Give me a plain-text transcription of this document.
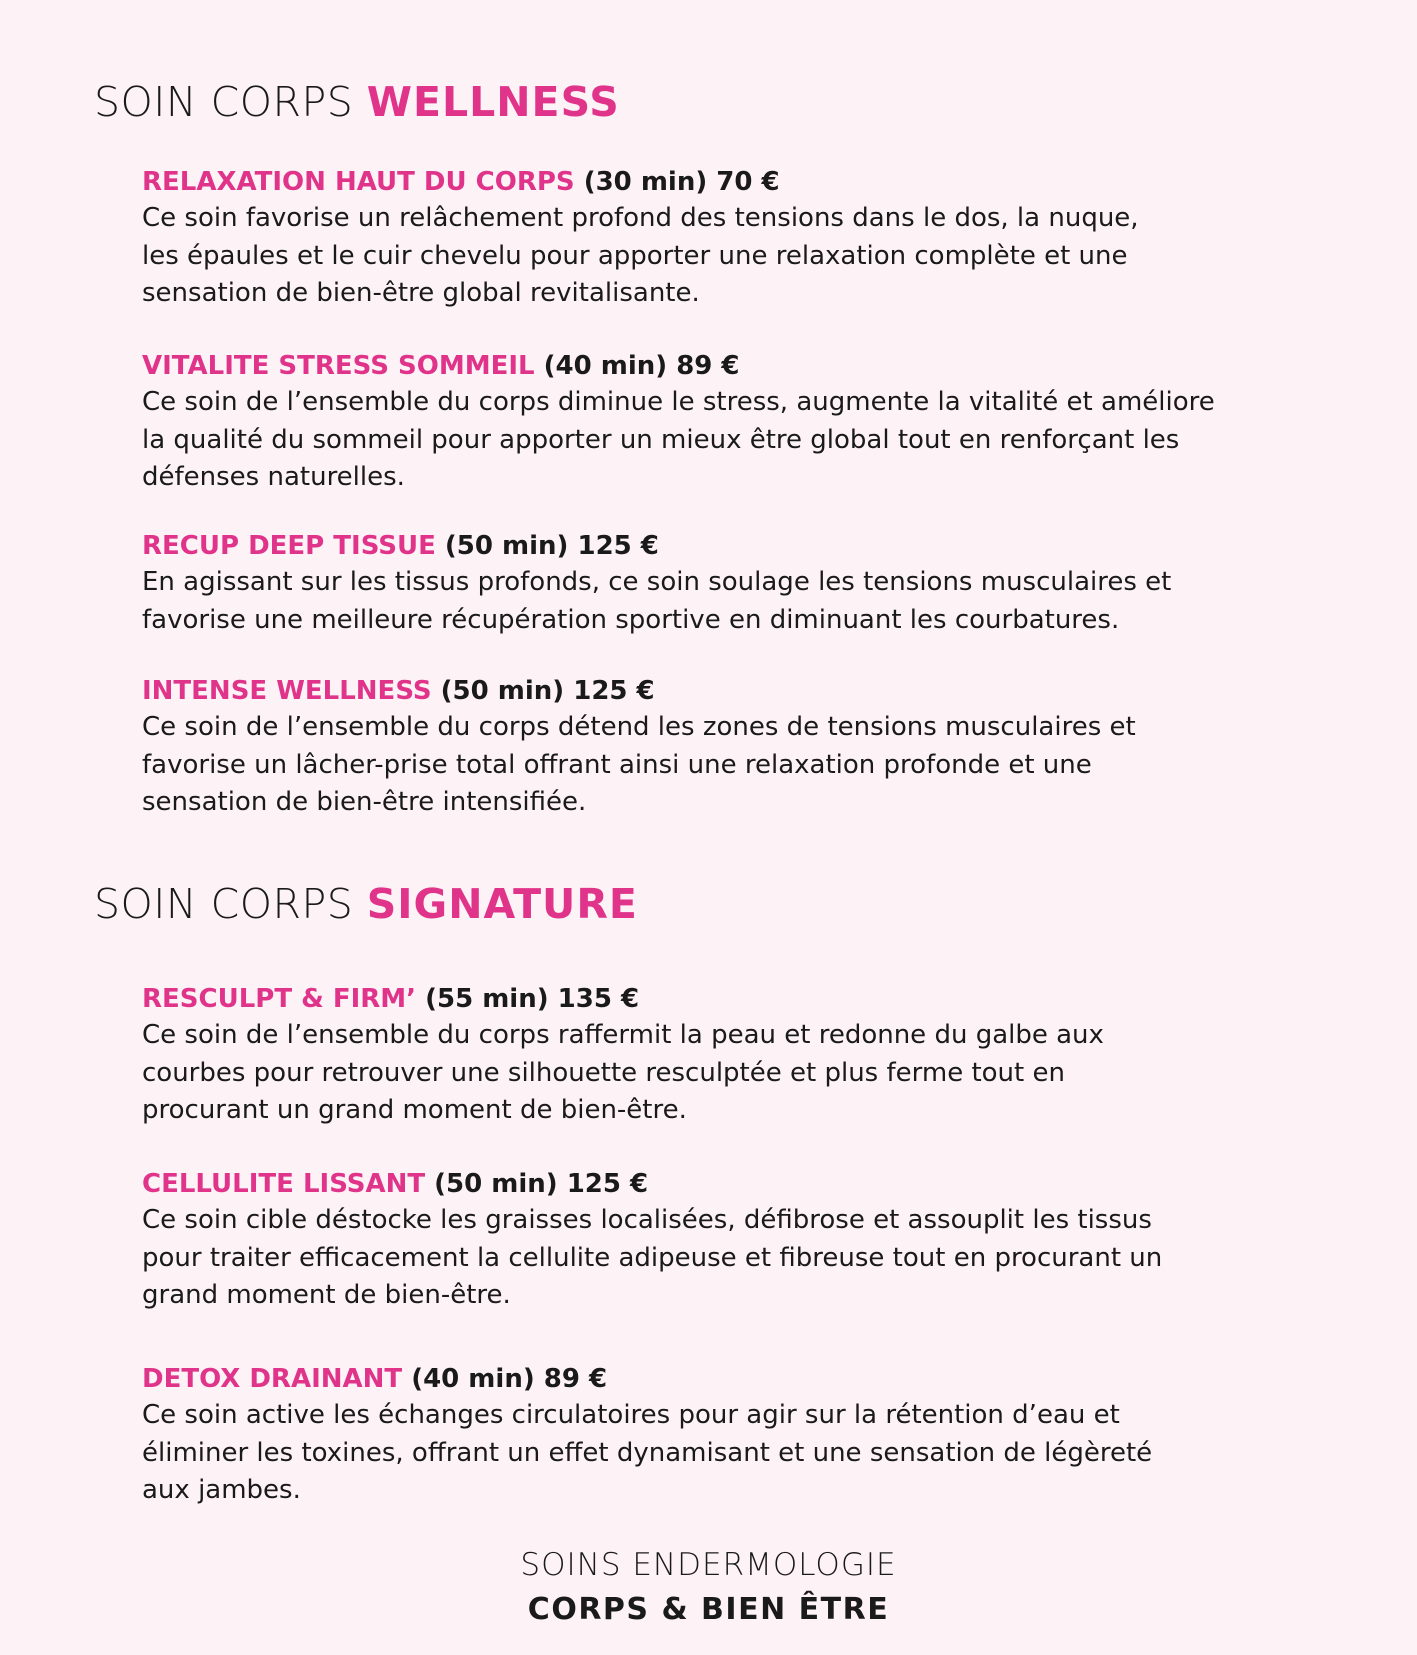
SOIN CORPS WELLNESS
RELAXATION HAUT DU CORPS (30 min) 70 €

Ce soin favorise un relâchement profond des tensions dans le dos, la nuque,
les épaules et le cuir chevelu pour apporter une relaxation complète et une
sensation de bien-être global revitalisante.

VITALITE STRESS SOMMEIL (40 min) 89 €

Ce soin de l’ensemble du corps diminue le stress, augmente la vitalité et améliore
la qualité du sommeil pour apporter un mieux être global tout en renforçant les
défenses naturelles.

RECUP DEEP TISSUE (50 min) 125 €

En agissant sur les tissus profonds, ce soin soulage les tensions musculaires et
favorise une meilleure récupération sportive en diminuant les courbatures.

INTENSE WELLNESS (50 min) 125 €

Ce soin de l’ensemble du corps détend les zones de tensions musculaires et
favorise un lâcher-prise total offrant ainsi une relaxation profonde et une
sensation de bien-être intensifiée.

SOIN CORPS SIGNATURE
RESCULPT & FIRM’ (55 min) 135 €

Ce soin de l’ensemble du corps raffermit la peau et redonne du galbe aux
courbes pour retrouver une silhouette resculptée et plus ferme tout en
procurant un grand moment de bien-être.

CELLULITE LISSANT (50 min) 125 €

Ce soin cible déstocke les graisses localisées, défibrose et assouplit les tissus
pour traiter efficacement la cellulite adipeuse et fibreuse tout en procurant un
grand moment de bien-être.

DETOX DRAINANT (40 min) 89 €

Ce soin active les échanges circulatoires pour agir sur la rétention d’eau et
éliminer les toxines, offrant un effet dynamisant et une sensation de légèreté
aux jambes.

SOINS ENDERMOLOGIE
CORPS & BIEN ÊTRE
